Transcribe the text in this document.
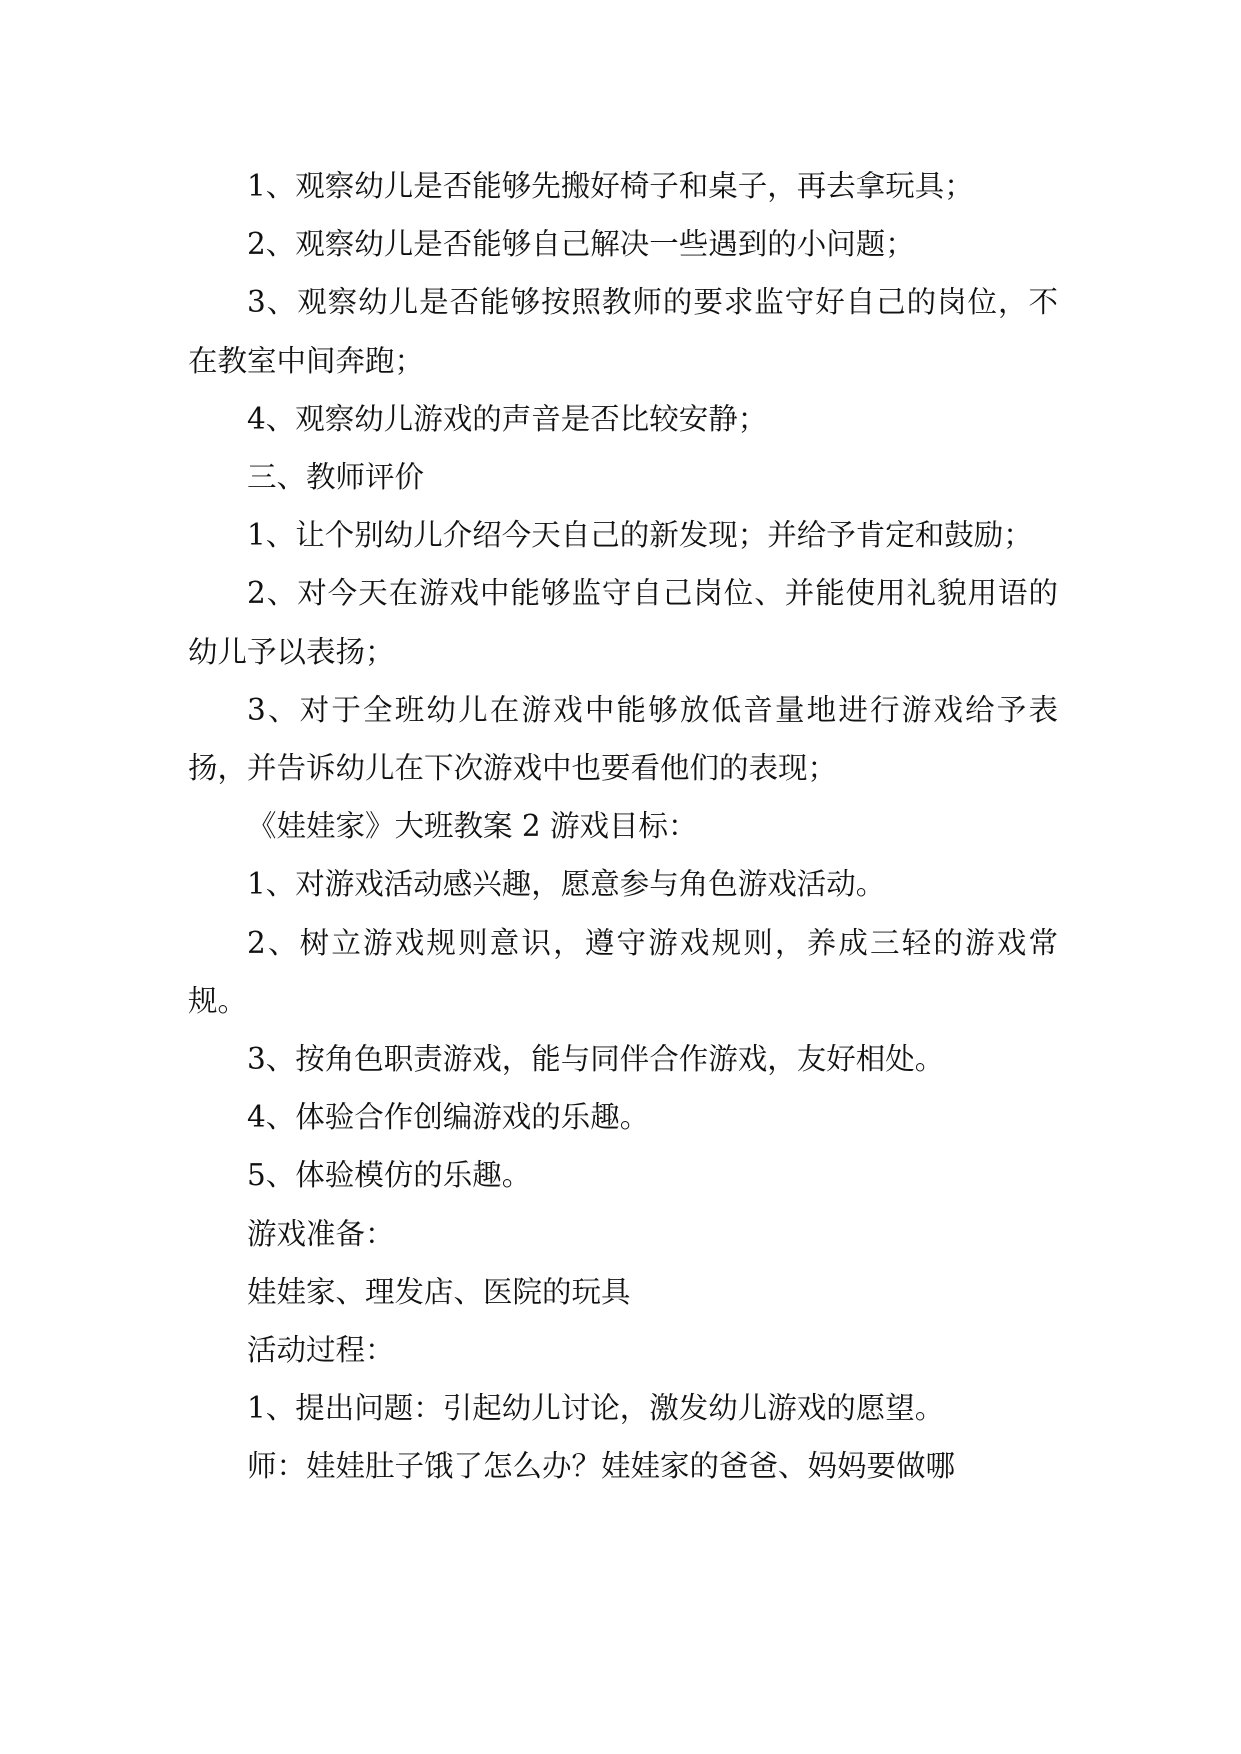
1、观察幼儿是否能够先搬好椅子和桌子，再去拿玩具；

2、观察幼儿是否能够自己解决一些遇到的小问题；

3、观察幼儿是否能够按照教师的要求监守好自己的岗位，不在教室中间奔跑；

4、观察幼儿游戏的声音是否比较安静；

三、教师评价

1、让个别幼儿介绍今天自己的新发现；并给予肯定和鼓励；

2、对今天在游戏中能够监守自己岗位、并能使用礼貌用语的幼儿予以表扬；

3、对于全班幼儿在游戏中能够放低音量地进行游戏给予表扬，并告诉幼儿在下次游戏中也要看他们的表现；

《娃娃家》大班教案 2 游戏目标：

1、对游戏活动感兴趣，愿意参与角色游戏活动。

2、树立游戏规则意识，遵守游戏规则，养成三轻的游戏常规。

3、按角色职责游戏，能与同伴合作游戏，友好相处。

4、体验合作创编游戏的乐趣。

5、体验模仿的乐趣。

游戏准备：

娃娃家、理发店、医院的玩具

活动过程：

1、提出问题：引起幼儿讨论，激发幼儿游戏的愿望。

师：娃娃肚子饿了怎么办？娃娃家的爸爸、妈妈要做哪
